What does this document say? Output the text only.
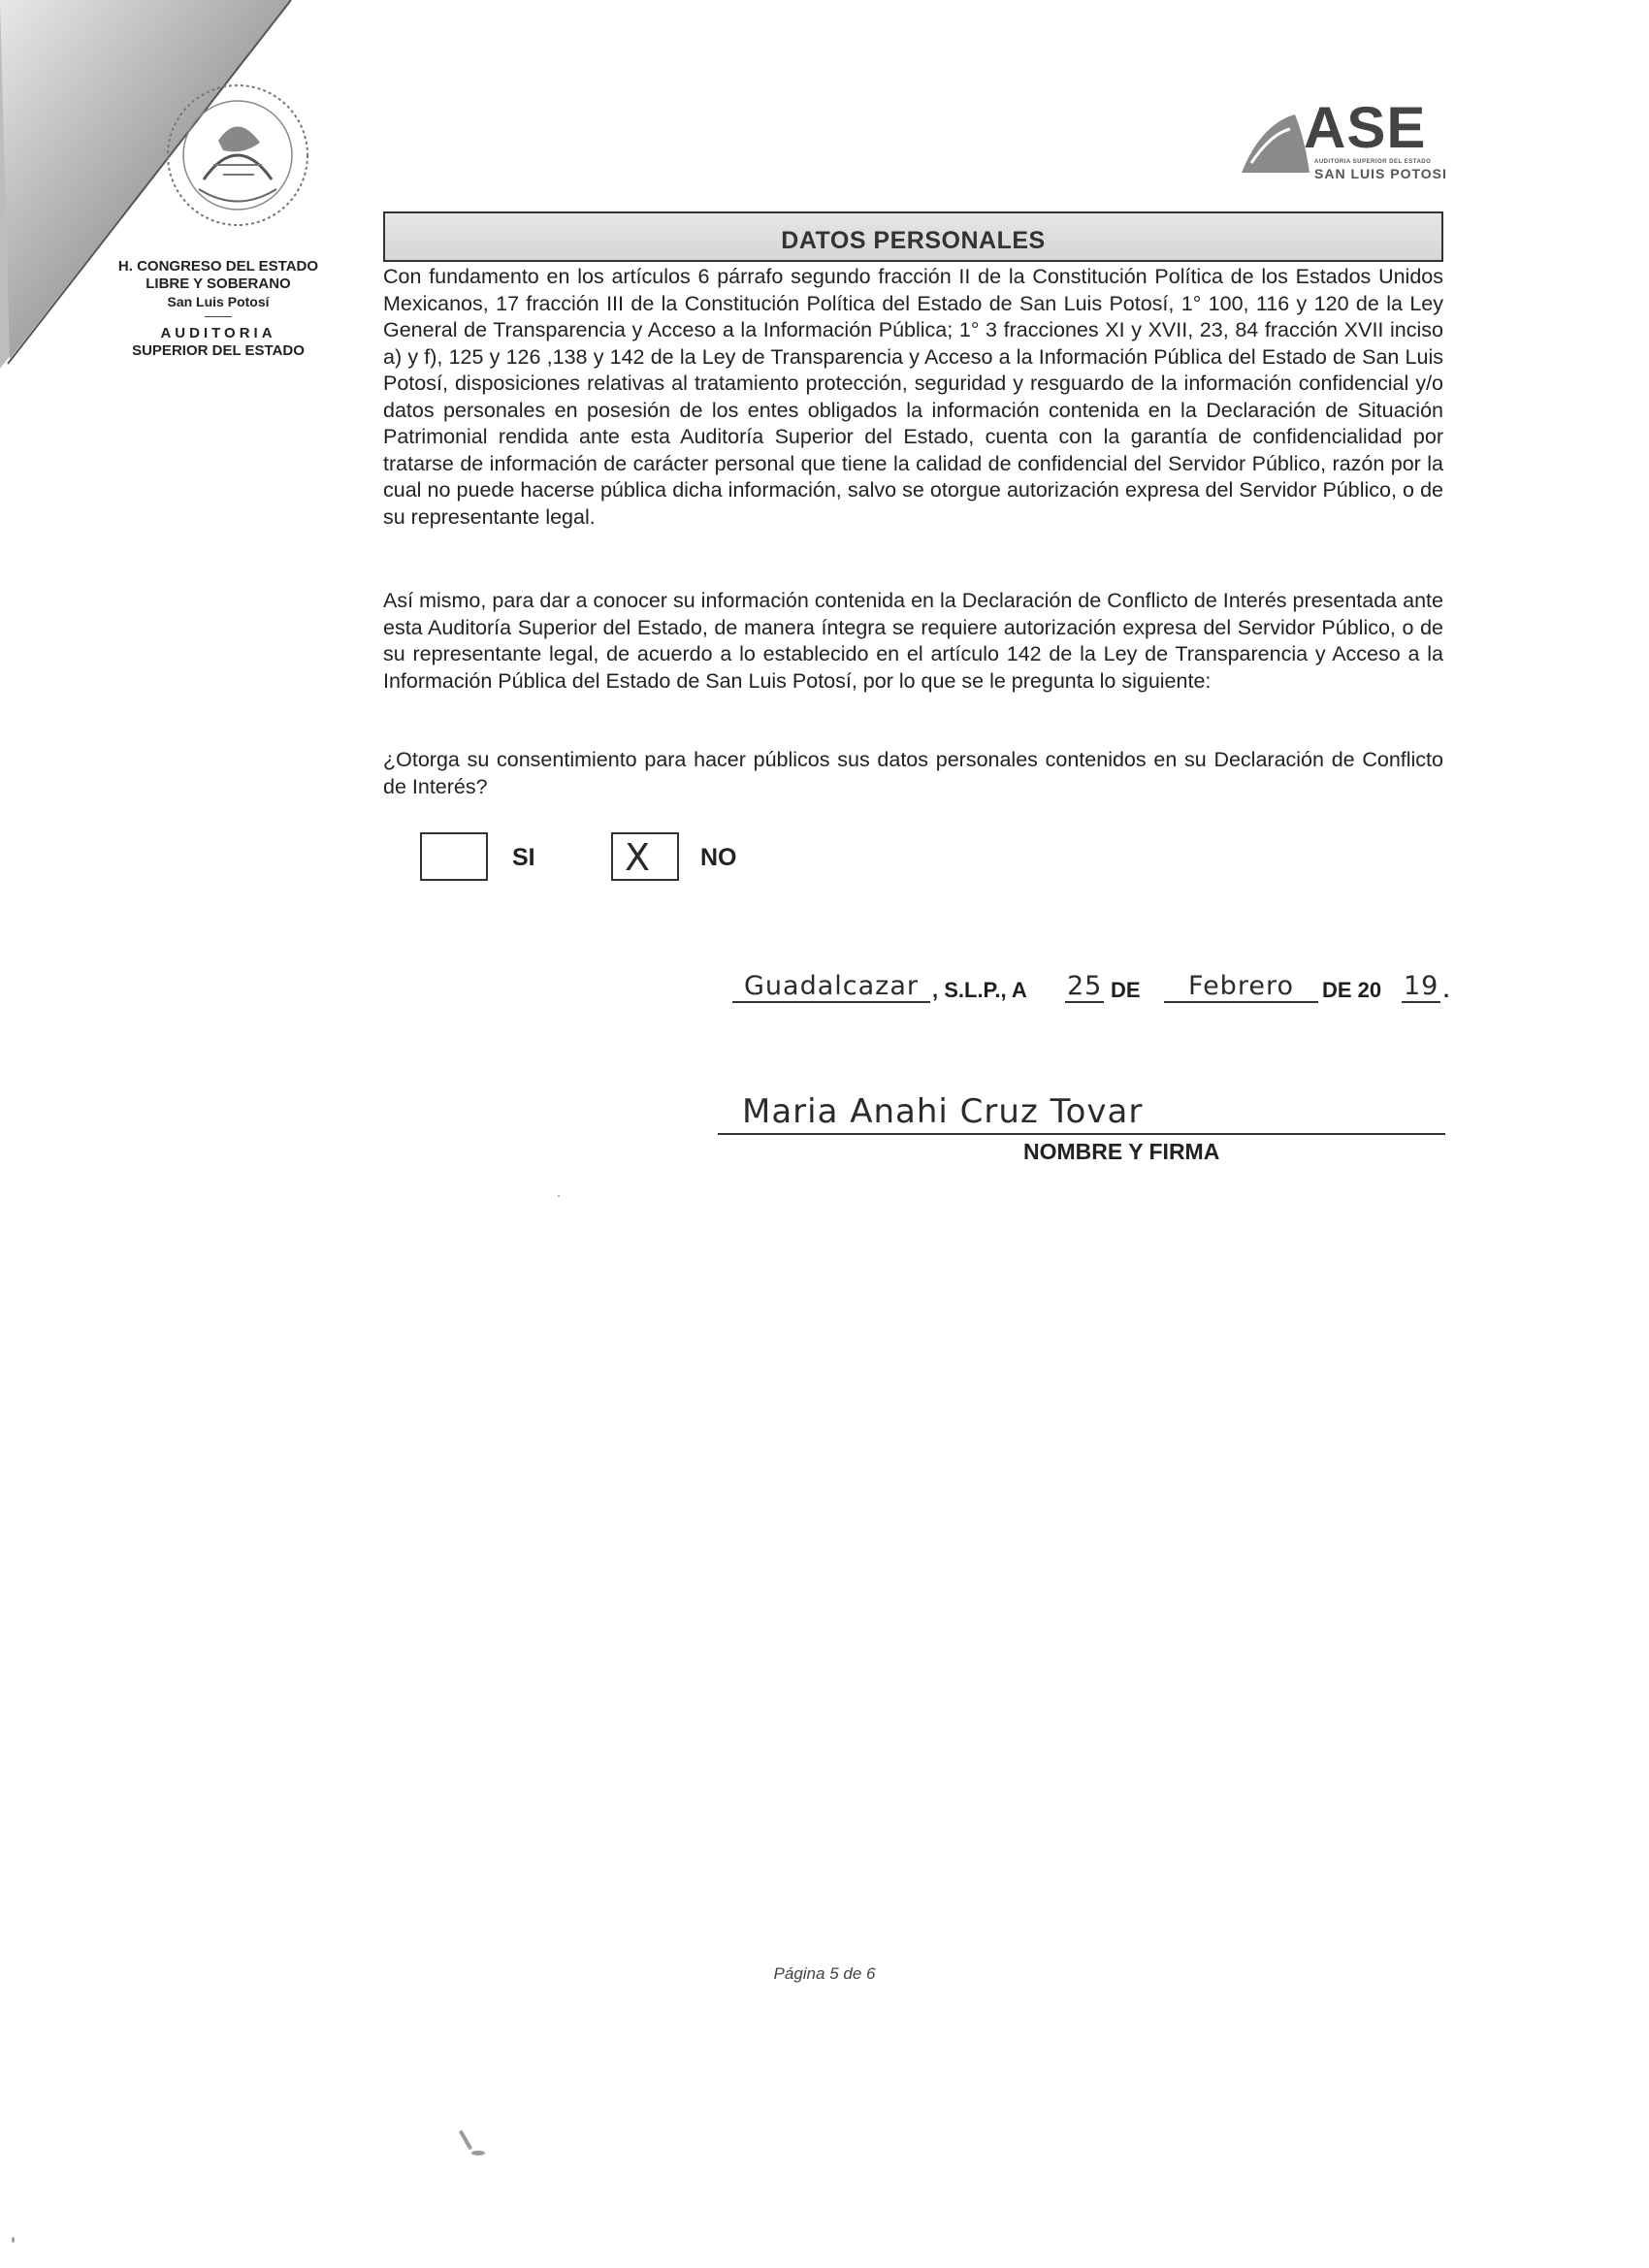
H. CONGRESO DEL ESTADO
LIBRE Y SOBERANO
San Luis Potosí
AUDITORIA
SUPERIOR DEL ESTADO
ASE
AUDITORIA SUPERIOR DEL ESTADO
SAN LUIS POTOSI
DATOS PERSONALES
Con fundamento en los artículos 6 párrafo segundo fracción II de la Constitución Política de los Estados Unidos Mexicanos, 17 fracción III de la Constitución Política del Estado de San Luis Potosí, 1° 100, 116 y 120 de la Ley General de Transparencia y Acceso a la Información Pública; 1° 3 fracciones XI y XVII, 23, 84 fracción XVII inciso a) y f), 125 y 126 ,138 y 142 de la Ley de Transparencia y Acceso a la Información Pública del Estado de San Luis Potosí, disposiciones relativas al tratamiento protección, seguridad y resguardo de la información confidencial y/o datos personales en posesión de los entes obligados la información contenida en la Declaración de Situación Patrimonial rendida ante esta Auditoría Superior del Estado, cuenta con la garantía de confidencialidad por tratarse de información de carácter personal que tiene la calidad de confidencial del Servidor Público, razón por la cual no puede hacerse pública dicha información, salvo se otorgue autorización expresa del Servidor Público, o de su representante legal.
Así mismo, para dar a conocer su información contenida en la Declaración de Conflicto de Interés presentada ante esta Auditoría Superior del Estado, de manera íntegra se requiere autorización expresa del Servidor Público, o de su representante legal, de acuerdo a lo establecido en el artículo 142 de la Ley de Transparencia y Acceso a la Información Pública del Estado de San Luis Potosí, por lo que se le pregunta lo siguiente:
¿Otorga su consentimiento para hacer públicos sus datos personales contenidos en su Declaración de Conflicto de Interés?
SI X NO
Guadalcazar , S.L.P., A 25 DE	Febrero	DE 20 19 .
Maria Anahi Cruz Tovar
NOMBRE Y FIRMA
Página 5 de 6
